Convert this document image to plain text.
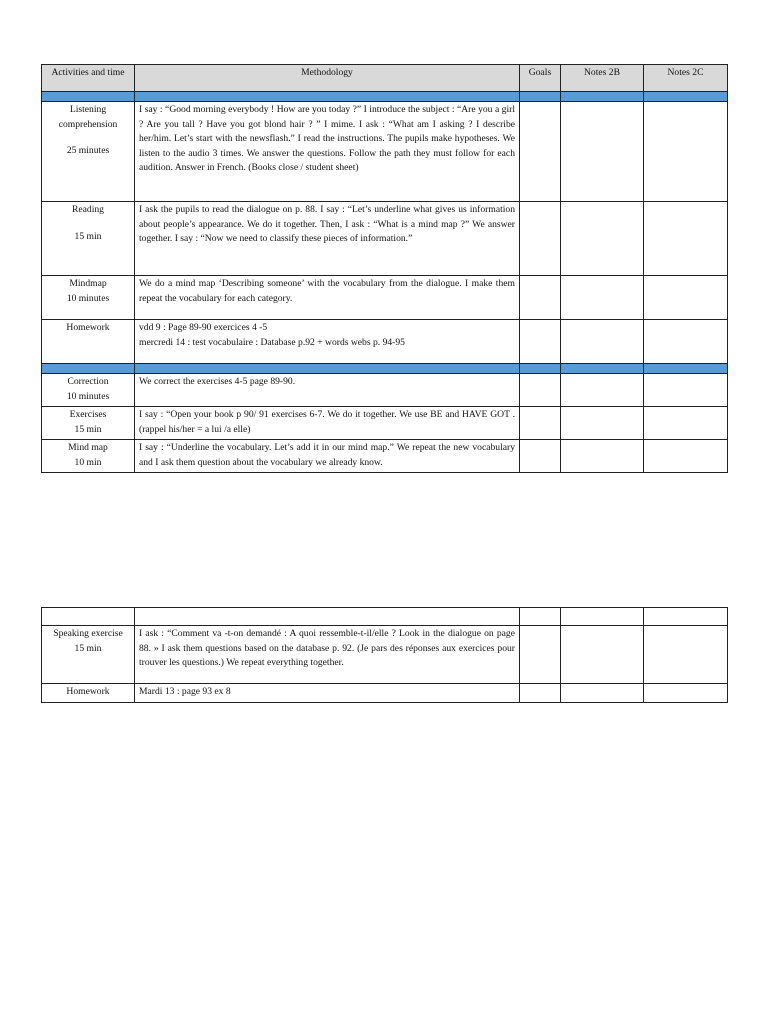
Activities and time	Methodology	Goals	Notes 2B	Notes 2C

Listening comprehension
25 minutes	I say : “Good morning everybody ! How are you today ?” I introduce the subject : “Are you a girl ? Are you tall ? Have you got blond hair ? ” I mime. I ask : “What am I asking ? I describe her/him. Let’s start with the newsflash.” I read the instructions. The pupils make hypotheses. We listen to the audio 3 times. We answer the questions. Follow the path they must follow for each audition. Answer in French. (Books close / student sheet)			

Reading
15 min	I ask the pupils to read the dialogue on p. 88. I say : “Let’s underline what gives us information about people’s appearance. We do it together. Then, I ask : “What is a mind map ?” We answer together. I say : “Now we need to classify these pieces of information.”			

Mindmap
10 minutes	We do a mind map ‘Describing someone’ with the vocabulary from the dialogue. I make them repeat the vocabulary for each category.			

Homework	vdd 9 : Page 89-90 exercices 4 -5
mercredi 14 : test vocabulaire : Database p.92 + words webs p. 94-95			

Correction
10 minutes	We correct the exercises 4-5 page 89-90.			

Exercises
15 min	I say : “Open your book p 90/ 91 exercises 6-7. We do it together. We use BE and HAVE GOT . (rappel his/her = a lui /a elle)			

Mind map
10 min	I say : “Underline the vocabulary. Let’s add it in our mind map.” We repeat the new vocabulary and I ask them question about the vocabulary we already know.			

Speaking exercise
15 min	I ask : “Comment va -t-on demandé : A quoi ressemble-t-il/elle ? Look in the dialogue on page 88. » I ask them questions based on the database p. 92. (Je pars des réponses aux exercices pour trouver les questions.) We repeat everything together.			

Homework	Mardi 13 : page 93 ex 8			
